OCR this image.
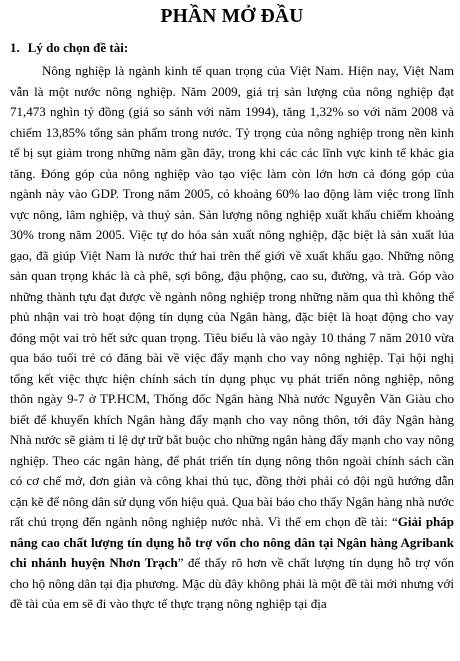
PHẦN MỞ ĐẦU
1. Lý do chọn đề tài:

Nông nghiệp là ngành kinh tế quan trọng của Việt Nam. Hiện nay, Việt Nam vẫn là một nước nông nghiệp. Năm 2009, giá trị sản lượng của nông nghiệp đạt 71,473 nghìn tỷ đồng (giá so sánh với năm 1994), tăng 1,32% so với năm 2008 và chiếm 13,85% tổng sản phẩm trong nước. Tỷ trọng của nông nghiệp trong nền kinh tế bị sụt giảm trong những năm gần đây, trong khi các các lĩnh vực kinh tế khác gia tăng. Đóng góp của nông nghiệp vào tạo việc làm còn lớn hơn cả đóng góp của ngành này vào GDP. Trong năm 2005, có khoảng 60% lao động làm việc trong lĩnh vực nông, lâm nghiệp, và thuỷ sản. Sản lượng nông nghiệp xuất khẩu chiếm khoảng 30% trong năm 2005. Việc tự do hóa sản xuất nông nghiệp, đặc biệt là sản xuất lúa gạo, đã giúp Việt Nam là nước thứ hai trên thế giới về xuất khẩu gạo. Những nông sản quan trọng khác là cà phê, sợi bông, đậu phộng, cao su, đường, và trà. Góp vào những thành tựu đạt được về ngành nông nghiệp trong những năm qua thì không thể phủ nhận vai trò hoạt động tín dụng của Ngân hàng, đặc biệt là hoạt động cho vay đóng một vai trò hết sức quan trọng. Tiêu biểu là vào ngày 10 tháng 7 năm 2010 vừa qua báo tuổi trẻ có đăng bài về việc đẩy mạnh cho vay nông nghiệp. Tại hội nghị tổng kết việc thực hiện chính sách tín dụng phục vụ phát triển nông nghiệp, nông thôn ngày 9-7 ở TP.HCM, Thống đốc Ngân hàng Nhà nước Nguyễn Văn Giàu cho biết để khuyến khích Ngân hàng đẩy mạnh cho vay nông thôn, tới đây Ngân hàng Nhà nước sẽ giảm tỉ lệ dự trữ bắt buộc cho những ngân hàng đẩy mạnh cho vay nông nghiệp. Theo các ngân hàng, để phát triển tín dụng nông thôn ngoài chính sách cần có cơ chế mở, đơn giản và công khai thủ tục, đồng thời phải có đội ngũ hướng dẫn cặn kẽ để nông dân sử dụng vốn hiệu quả. Qua bài báo cho thấy Ngân hàng nhà nước rất chú trọng đến ngành nông nghiệp nước nhà. Vì thế em chọn đề tài: “Giải pháp nâng cao chất lượng tín dụng hỗ trợ vốn cho nông dân tại Ngân hàng Agribank chi nhánh huyện Nhơn Trạch” để thấy rõ hơn về chất lượng tín dụng hỗ trợ vốn cho hộ nông dân tại địa phương. Mặc dù đây không phải là một đề tài mới nhưng với đề tài của em sẽ đi vào thực tế thực trạng nông nghiệp tại địa
